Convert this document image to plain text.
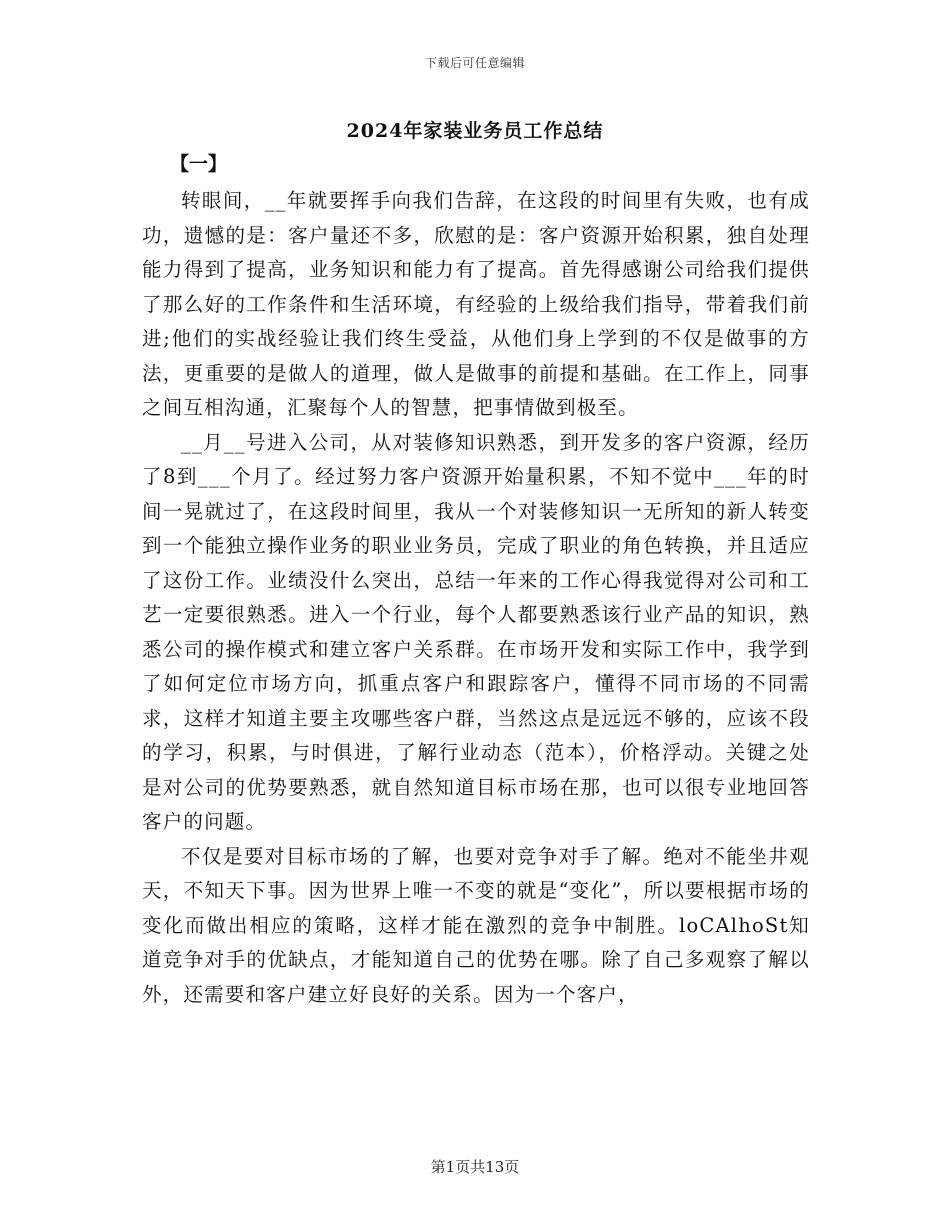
下载后可任意编辑
2024年家装业务员工作总结
【一】

转眼间，__年就要挥手向我们告辞，在这段的时间里有失败，也有成功，遗憾的是：客户量还不多，欣慰的是：客户资源开始积累，独自处理能力得到了提高，业务知识和能力有了提高。首先得感谢公司给我们提供了那么好的工作条件和生活环境，有经验的上级给我们指导，带着我们前进;他们的实战经验让我们终生受益，从他们身上学到的不仅是做事的方法，更重要的是做人的道理，做人是做事的前提和基础。在工作上，同事之间互相沟通，汇聚每个人的智慧，把事情做到极至。

__月__号进入公司，从对装修知识熟悉，到开发多的客户资源，经历了8到___个月了。经过努力客户资源开始量积累，不知不觉中___年的时间一晃就过了，在这段时间里，我从一个对装修知识一无所知的新人转变到一个能独立操作业务的职业业务员，完成了职业的角色转换，并且适应了这份工作。业绩没什么突出，总结一年来的工作心得我觉得对公司和工艺一定要很熟悉。进入一个行业，每个人都要熟悉该行业产品的知识，熟悉公司的操作模式和建立客户关系群。在市场开发和实际工作中，我学到了如何定位市场方向，抓重点客户和跟踪客户，懂得不同市场的不同需求，这样才知道主要主攻哪些客户群，当然这点是远远不够的，应该不段的学习，积累，与时俱进，了解行业动态（范本），价格浮动。关键之处是对公司的优势要熟悉，就自然知道目标市场在那，也可以很专业地回答客户的问题。

不仅是要对目标市场的了解，也要对竞争对手了解。绝对不能坐井观天，不知天下事。因为世界上唯一不变的就是“变化”，所以要根据市场的变化而做出相应的策略，这样才能在激烈的竞争中制胜。loCAlhoSt知道竞争对手的优缺点，才能知道自己的优势在哪。除了自己多观察了解以外，还需要和客户建立好良好的关系。因为一个客户，

第1页共13页
